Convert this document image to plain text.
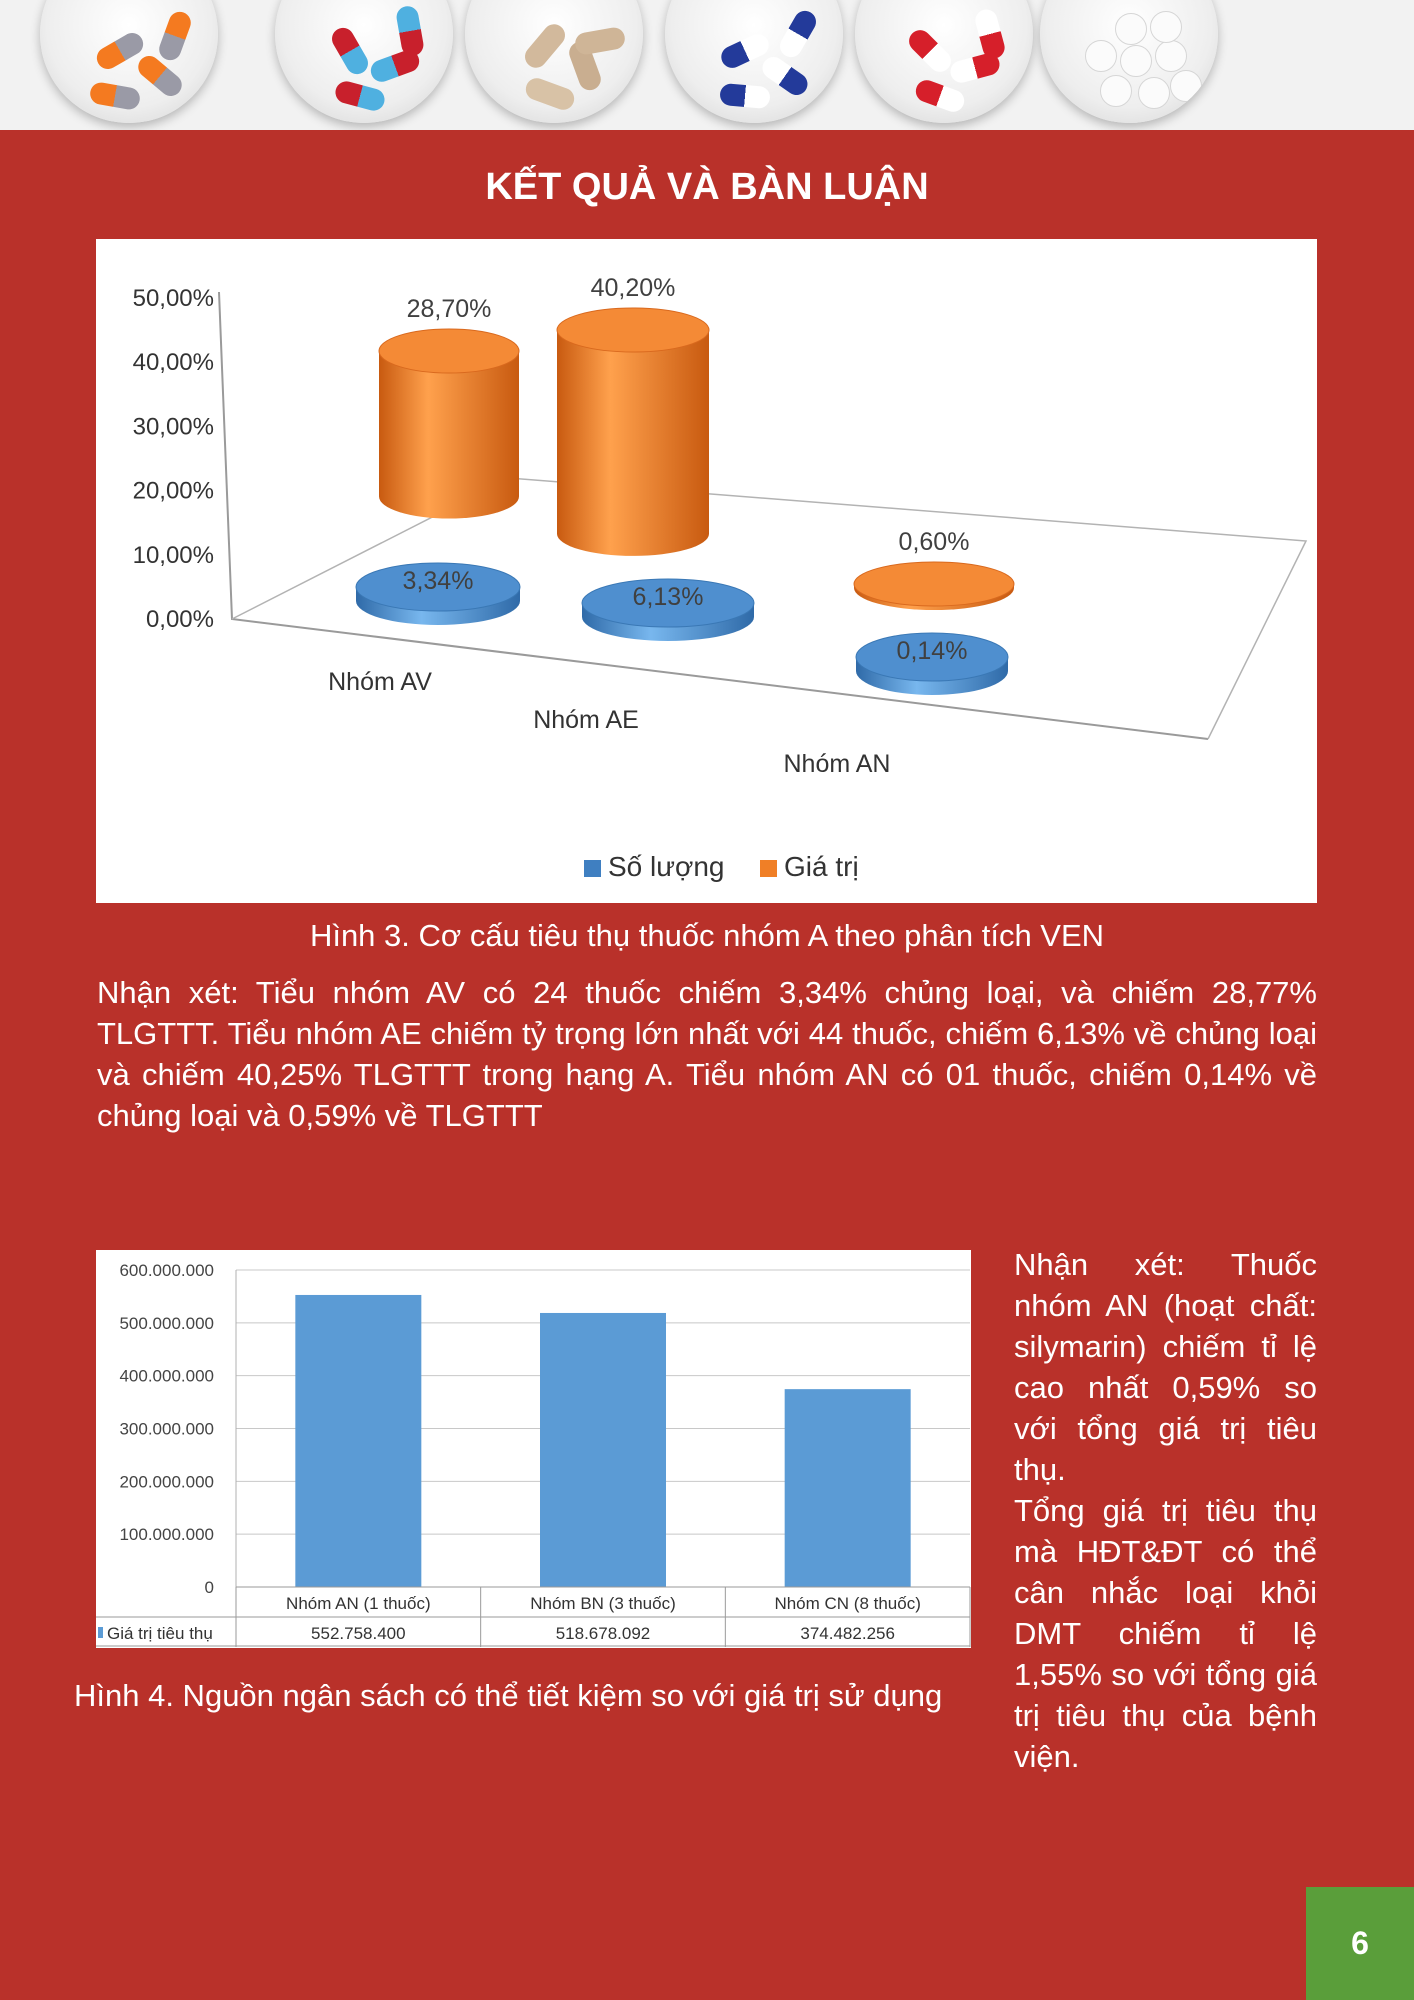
KẾT QUẢ VÀ BÀN LUẬN
0,00%
10,00%
20,00%
30,00%
40,00%
50,00%	28,70%
40,20%
0,60%
3,34%
6,13%
0,14%
Nhóm AV
Nhóm AE
Nhóm AN
Số lượng Giá trị
Hình 3. Cơ cấu tiêu thụ thuốc nhóm A theo phân tích VEN
Nhận xét: Tiểu nhóm AV có 24 thuốc chiếm 3,34% chủng loại, và chiếm 28,77% TLGTTT. Tiểu nhóm AE chiếm tỷ trọng lớn nhất với 44 thuốc, chiếm 6,13% về chủng loại và chiếm 40,25% TLGTTT trong hạng A. Tiểu nhóm AN có 01 thuốc, chiếm 0,14% về chủng loại và 0,59% về TLGTTT
0
100.000.000
200.000.000
300.000.000
400.000.000
500.000.000
600.000.000
Nhóm AN (1 thuốc)
552.758.400
Nhóm BN (3 thuốc)
518.678.092
Nhóm CN (8 thuốc)
374.482.256
Giá trị tiêu thụ
Hình 4. Nguồn ngân sách có thể tiết kiệm so với giá trị sử dụng
Nhận xét: Thuốc nhóm AN (hoạt chất: silymarin) chiếm tỉ lệ cao nhất 0,59% so với tổng giá trị tiêu thụ.
Tổng giá trị tiêu thụ mà HĐT&ĐT có thể cân nhắc loại khỏi DMT chiếm tỉ lệ 1,55% so với tổng giá trị tiêu thụ của bệnh viện.
6
